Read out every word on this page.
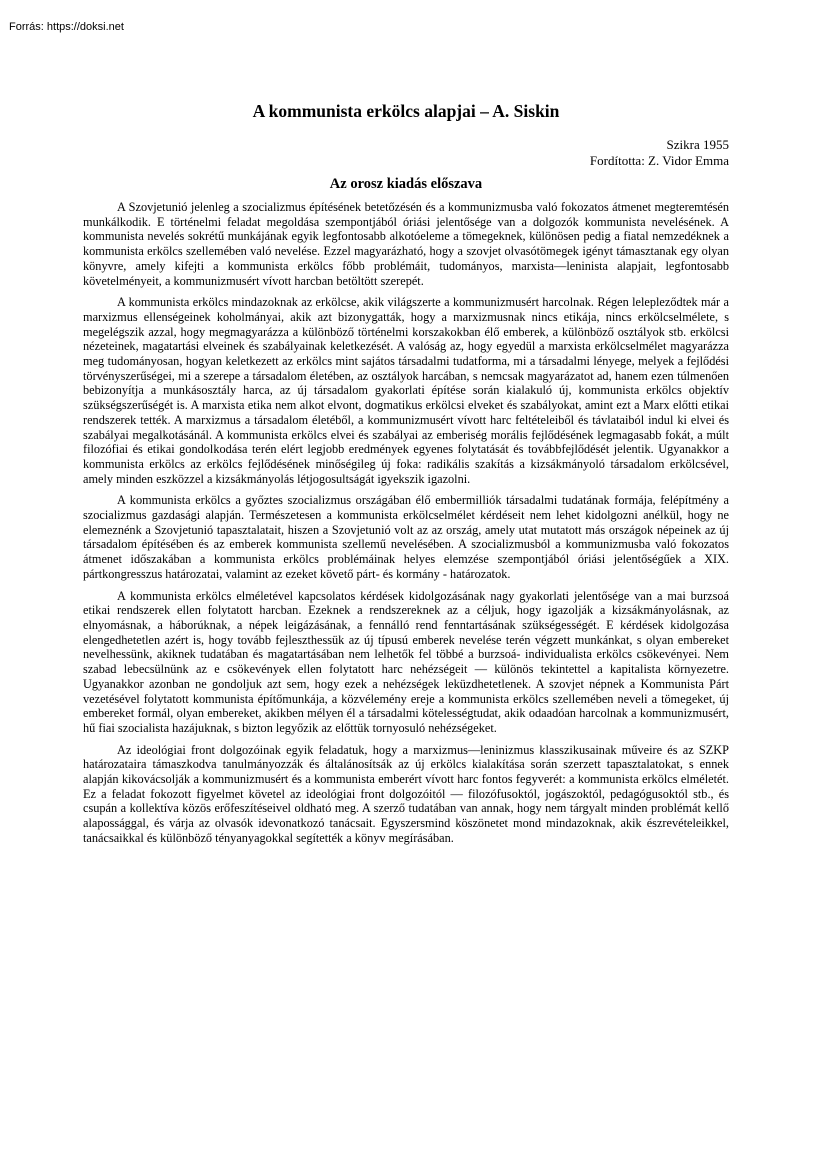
Forrás: https://doksi.net
A kommunista erkölcs alapjai – A. Siskin
Szikra 1955
Fordította: Z. Vidor Emma
Az orosz kiadás előszava

A Szovjetunió jelenleg a szocializmus építésének betetőzésén és a kommunizmusba való fokozatos átmenet megteremtésén munkálkodik. E történelmi feladat megoldása szempontjából óriási jelentősége van a dolgozók kommunista nevelésének. A kommunista nevelés sokrétű munkájának egyik legfontosabb alkotóeleme a tömegeknek, különösen pedig a fiatal nemzedéknek a kommunista erkölcs szellemében való nevelése. Ezzel magyarázható, hogy a szovjet olvasótömegek igényt támasztanak egy olyan könyvre, amely kifejti a kommunista erkölcs főbb problémáit, tudományos, marxista—leninista alapjait, legfontosabb követelményeit, a kommunizmusért vívott harcban betöltött szerepét.

A kommunista erkölcs mindazoknak az erkölcse, akik világszerte a kommunizmusért harcolnak. Régen lelepleződtek már a marxizmus ellenségeinek koholmányai, akik azt bizonygatták, hogy a marxizmusnak nincs etikája, nincs erkölcselmélete, s megelégszik azzal, hogy megmagyarázza a különböző történelmi korszakokban élő emberek, a különböző osztályok stb. erkölcsi nézeteinek, magatartási elveinek és szabályainak keletkezését. A valóság az, hogy egyedül a marxista erkölcselmélet magyarázza meg tudományosan, hogyan keletkezett az erkölcs mint sajátos társadalmi tudatforma, mi a társadalmi lényege, melyek a fejlődési törvényszerűségei, mi a szerepe a társadalom életében, az osztályok harcában, s nemcsak magyarázatot ad, hanem ezen túlmenően bebizonyítja a munkásosztály harca, az új társadalom gyakorlati építése során kialakuló új, kommunista erkölcs objektív szükségszerűségét is. A marxista etika nem alkot elvont, dogmatikus erkölcsi elveket és szabályokat, amint ezt a Marx előtti etikai rendszerek tették. A marxizmus a társadalom életéből, a kommunizmusért vívott harc feltételeiből és távlataiból indul ki elvei és szabályai megalkotásánál. A kommunista erkölcs elvei és szabályai az emberiség morális fejlődésének legmagasabb fokát, a múlt filozófiai és etikai gondolkodása terén elért legjobb eredmények egyenes folytatását és továbbfejlődését jelentik. Ugyanakkor a kommunista erkölcs az erkölcs fejlődésének minőségileg új foka: radikális szakítás a kizsákmányoló társadalom erkölcsével, amely minden eszközzel a kizsákmányolás létjogosultságát igyekszik igazolni.

A kommunista erkölcs a győztes szocializmus országában élő embermilliók társadalmi tudatának formája, felépítmény a szocializmus gazdasági alapján. Természetesen a kommunista erkölcselmélet kérdéseit nem lehet kidolgozni anélkül, hogy ne elemeznénk a Szovjetunió tapasztalatait, hiszen a Szovjetunió volt az az ország, amely utat mutatott más országok népeinek az új társadalom építésében és az emberek kommunista szellemű nevelésében. A szocializmusból a kommunizmusba való fokozatos átmenet időszakában a kommunista erkölcs problémáinak helyes elemzése szempontjából óriási jelentőségűek a XIX. pártkongresszus határozatai, valamint az ezeket követő párt- és kormány - határozatok.

A kommunista erkölcs elméletével kapcsolatos kérdések kidolgozásának nagy gyakorlati jelentősége van a mai burzsoá etikai rendszerek ellen folytatott harcban. Ezeknek a rendszereknek az a céljuk, hogy igazolják a kizsákmányolásnak, az elnyomásnak, a háborúknak, a népek leigázásának, a fennálló rend fenntartásának szükségességét. E kérdések kidolgozása elengedhetetlen azért is, hogy tovább fejleszthessük az új típusú emberek nevelése terén végzett munkánkat, s olyan embereket nevelhessünk, akiknek tudatában és magatartásában nem lelhetők fel többé a burzsoá- individualista erkölcs csökevényei. Nem szabad lebecsülnünk az e csökevények ellen folytatott harc nehézségeit — különös tekintettel a kapitalista környezetre. Ugyanakkor azonban ne gondoljuk azt sem, hogy ezek a nehézségek leküzdhetetlenek. A szovjet népnek a Kommunista Párt vezetésével folytatott kommunista építőmunkája, a közvélemény ereje a kommunista erkölcs szellemében neveli a tömegeket, új embereket formál, olyan embereket, akikben mélyen él a társadalmi kötelességtudat, akik odaadóan harcolnak a kommunizmusért, hű fiai szocialista hazájuknak, s bizton legyőzik az előttük tornyosuló nehézségeket.

Az ideológiai front dolgozóinak egyik feladatuk, hogy a marxizmus—leninizmus klasszikusainak műveire és az SZKP határozataira támaszkodva tanulmányozzák és általánosítsák az új erkölcs kialakítása során szerzett tapasztalatokat, s ennek alapján kikovácsolják a kommunizmusért és a kommunista emberért vívott harc fontos fegyverét: a kommunista erkölcs elméletét. Ez a feladat fokozott figyelmet követel az ideológiai front dolgozóitól — filozófusoktól, jogászoktól, pedagógusoktól stb., és csupán a kollektíva közös erőfeszítéseivel oldható meg. A szerző tudatában van annak, hogy nem tárgyalt minden problémát kellő alapossággal, és várja az olvasók idevonatkozó tanácsait. Egyszersmind köszönetet mond mindazoknak, akik észrevételeikkel, tanácsaikkal és különböző tényanyagokkal segítették a könyv megírásában.
